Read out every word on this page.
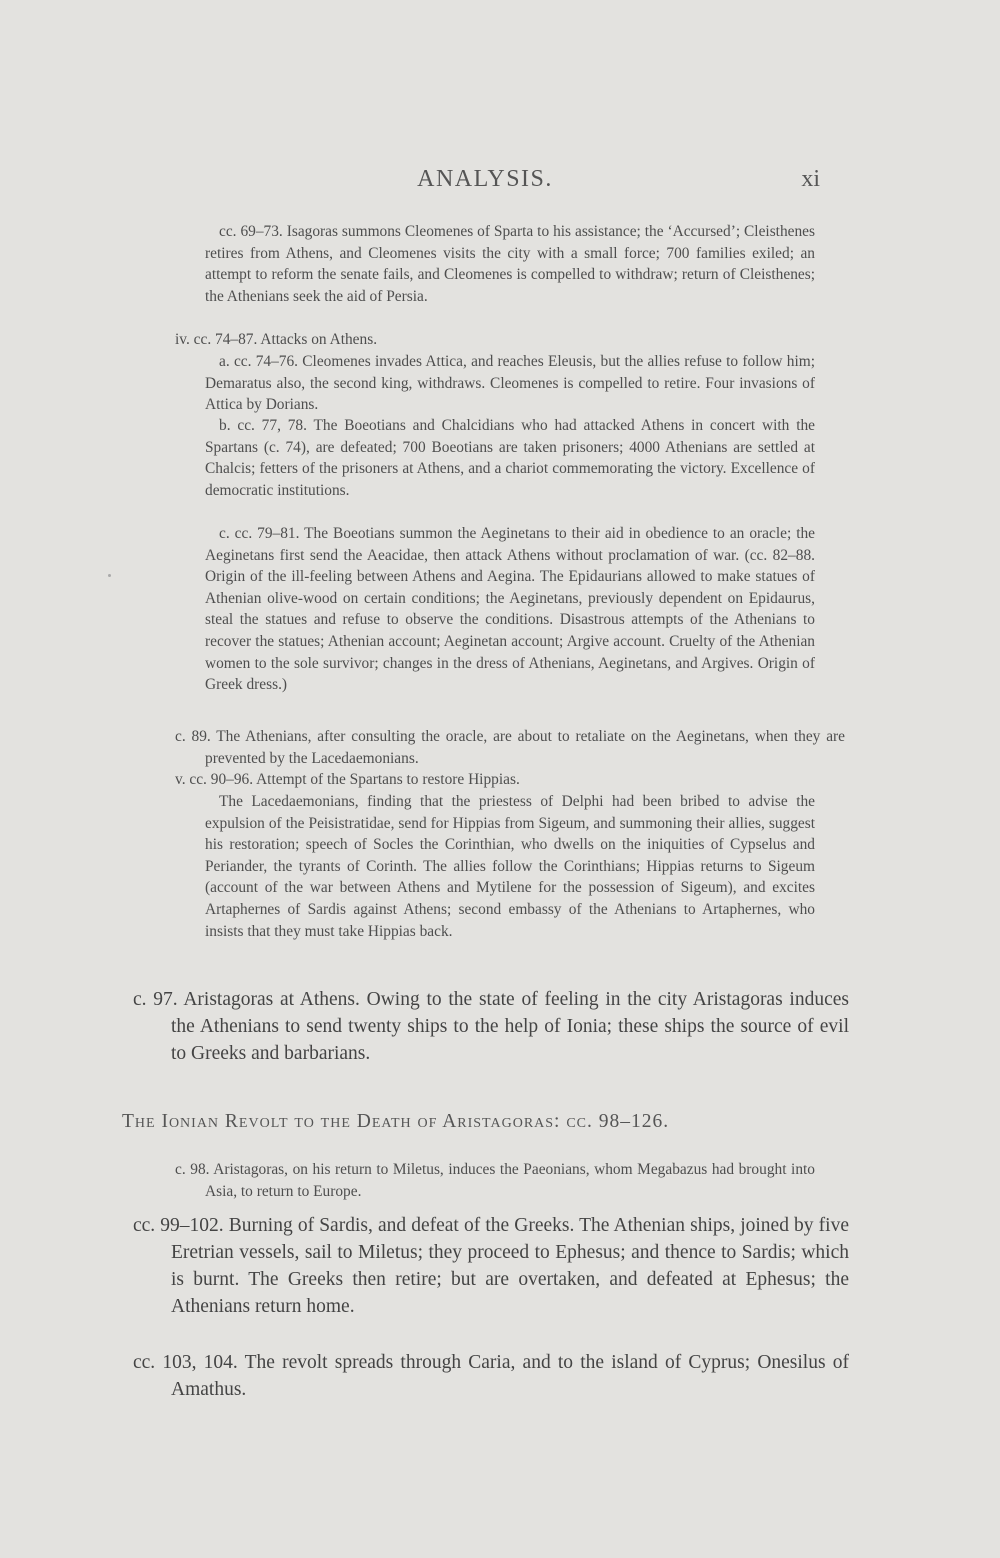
ANALYSIS.	xi

cc. 69–73. Isagoras summons Cleomenes of Sparta to his assistance; the ‘Accursed’; Cleisthenes retires from Athens, and Cleomenes visits the city with a small force; 700 families exiled; an attempt to reform the senate fails, and Cleomenes is compelled to withdraw; return of Cleisthenes; the Athenians seek the aid of Persia.

iv. cc. 74–87. Attacks on Athens.

a. cc. 74–76. Cleomenes invades Attica, and reaches Eleusis, but the allies refuse to follow him; Demaratus also, the second king, withdraws. Cleomenes is compelled to retire. Four invasions of Attica by Dorians.

b. cc. 77, 78. The Boeotians and Chalcidians who had attacked Athens in concert with the Spartans (c. 74), are defeated; 700 Boeotians are taken prisoners; 4000 Athenians are settled at Chalcis; fetters of the prisoners at Athens, and a chariot commemorating the victory. Excellence of democratic institutions.

c. cc. 79–81. The Boeotians summon the Aeginetans to their aid in obedience to an oracle; the Aeginetans first send the Aeacidae, then attack Athens without proclamation of war. (cc. 82–88. Origin of the ill-feeling between Athens and Aegina. The Epidaurians allowed to make statues of Athenian olive-wood on certain conditions; the Aeginetans, previously dependent on Epidaurus, steal the statues and refuse to observe the conditions. Disastrous attempts of the Athenians to recover the statues; Athenian account; Aeginetan account; Argive account. Cruelty of the Athenian women to the sole survivor; changes in the dress of Athenians, Aeginetans, and Argives. Origin of Greek dress.)

c. 89. The Athenians, after consulting the oracle, are about to retaliate on the Aeginetans, when they are prevented by the Lacedaemonians.

v. cc. 90–96. Attempt of the Spartans to restore Hippias.

The Lacedaemonians, finding that the priestess of Delphi had been bribed to advise the expulsion of the Peisistratidae, send for Hippias from Sigeum, and summoning their allies, suggest his restoration; speech of Socles the Corinthian, who dwells on the iniquities of Cypselus and Periander, the tyrants of Corinth. The allies follow the Corinthians; Hippias returns to Sigeum (account of the war between Athens and Mytilene for the possession of Sigeum), and excites Artaphernes of Sardis against Athens; second embassy of the Athenians to Artaphernes, who insists that they must take Hippias back.

c. 97. Aristagoras at Athens. Owing to the state of feeling in the city Aristagoras induces the Athenians to send twenty ships to the help of Ionia; these ships the source of evil to Greeks and barbarians.

The Ionian Revolt to the Death of Aristagoras: cc. 98–126.

c. 98. Aristagoras, on his return to Miletus, induces the Paeonians, whom Megabazus had brought into Asia, to return to Europe.

cc. 99–102. Burning of Sardis, and defeat of the Greeks. The Athenian ships, joined by five Eretrian vessels, sail to Miletus; they proceed to Ephesus; and thence to Sardis; which is burnt. The Greeks then retire; but are overtaken, and defeated at Ephesus; the Athenians return home.

cc. 103, 104. The revolt spreads through Caria, and to the island of Cyprus; Onesilus of Amathus.
